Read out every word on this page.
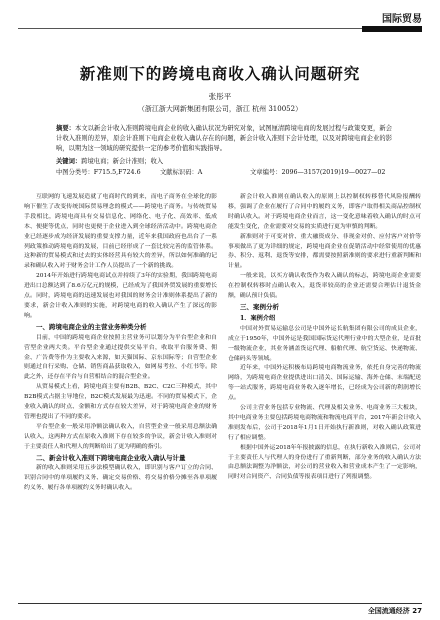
国际贸易
新准则下的跨境电商收入确认问题研究
张彤平
（浙江浙大网新集团有限公司，浙江 杭州 310052）
摘要：本文以新会计收入准则跨境电商企业的收入确认状况为研究对象，试图厘清跨境电商的发展过程与政策变更，新会计收入准则的差异，原会计准则下电商企业收入确认存在的问题，新会计收入准则下会计处理，以及对跨境电商企业的影响，以期为这一领域的研究提供一定的参考价值和实践指导。
关键词：跨境电商；新会计准则；收入
中图分类号：F715.5,F724.6	文献标识码：A	文章编号：2096—3157(2019)19—0027—02

互联网的飞速发展造就了电商时代的到来，而电子商务在全球化的影响下催生了改变传统国际贸易理念的模式——跨境电子商务。与传统贸易手段相比，跨境电商具有交易信息化、网络化、电子化、高效率、低成本、便捷等优点，同时也更便于企业进入到全球经济活动中。跨境电商企业已经逐步成为经济发展的重要支撑力量，近年来我国政府也出台了一系列政策推动跨境电商的发展，目前已经形成了一套比较完善的监管体系。这种新的贸易模式和过去的实体经营具有较大的差异，所以如何准确的记录和确认收入对于财务会计工作人员提出了一个新的挑战。

2014年开始进行跨境电商试点并持续了3年的实验期，我国跨境电商进出口总额达到了8.6万亿元的规模，已经成为了我国外贸发展的重要增长点。同时，跨境电商的迅速发展也对我国的财务会计准则体系提出了新的要求，新会计收入准则的实施，对跨境电商的收入确认产生了深远的影响。

一、跨境电商企业的主营业务种类分析

目前，中国的跨境电商企业按照主营业务可以划分为平台型企业和自营型企业两大类。平台型企业通过提供交易平台，收取平台服务费、佣金、广告费等作为主要收入来源，如天猫国际、京东国际等；自营型企业则通过自行采购、仓储、销售商品获取收入，如网易考拉、小红书等。除此之外，还存在平台与自营相结合的混合型企业。

从贸易模式上看，跨境电商主要有B2B、B2C、C2C三种模式，其中B2B模式占据主导地位，B2C模式发展最为迅速。不同的贸易模式下，企业收入确认的时点、金额和方式存在较大差异，对于跨境电商企业的财务管理也提出了不同的要求。

平台型企业一般采用净额法确认收入，自营型企业一般采用总额法确认收入，这两种方式在原收入准则下存在较多的争议，新会计收入准则对于主要责任人和代理人的判断给出了更为明确的指引。

二、新会计收入准则下跨境电商企业收入确认与计量

新的收入准则采用五步法模型确认收入，即识别与客户订立的合同、识别合同中的单项履约义务、确定交易价格、将交易价格分摊至各单项履约义务、履行各单项履约义务时确认收入。

新会计收入准则在确认收入的原则上以控制权转移替代风险报酬转移，强调了企业在履行了合同中的履约义务，即客户取得相关商品控制权时确认收入。对于跨境电商企业而言，这一变化意味着收入确认的时点可能发生变化，企业需要对交易的实质进行更为审慎的判断。

新准则对于可变对价、重大融资成分、非现金对价、应付客户对价等事项做出了更为详细的规定，跨境电商企业在促销活动中经常使用的优惠券、积分、返利、退货等安排，都需要按照新准则的要求进行重新判断和计量。

一般来说，以买方确认收货作为收入确认的标志，跨境电商企业需要在控制权转移时点确认收入，退货率较高的企业还需要合理估计退货金额，确认预计负债。

三、案例分析
1．案例介绍

中国对外贸易运输总公司是中国外运长航集团有限公司的成员企业，成立于1950年，中国外运是我国国际货运代理行业中的大型企业，是首批一级物流企业，其业务涵盖货运代理、船舶代理、航空货运、快递物流、仓储码头等领域。

近年来，中国外运积极布局跨境电商物流业务，依托自身完善的物流网络，为跨境电商企业提供进出口清关、国际运输、海外仓储、末端配送等一站式服务，跨境电商业务收入逐年增长，已经成为公司新的利润增长点。

公司主营业务包括专业物流、代理及相关业务、电商业务三大板块，其中电商业务主要包括跨境电商物流和物流电商平台，2017年新会计收入准则发布后，公司于2018年1月1日开始执行新准则，对收入确认政策进行了相应调整。

根据中国外运2018年年报披露的信息，在执行新收入准则后，公司对于主要责任人与代理人的身份进行了重新判断，部分业务的收入确认方法由总额法调整为净额法，对公司的营业收入和营业成本产生了一定影响，同时对合同资产、合同负债等报表项目进行了列报调整。

全国流通经济 27
